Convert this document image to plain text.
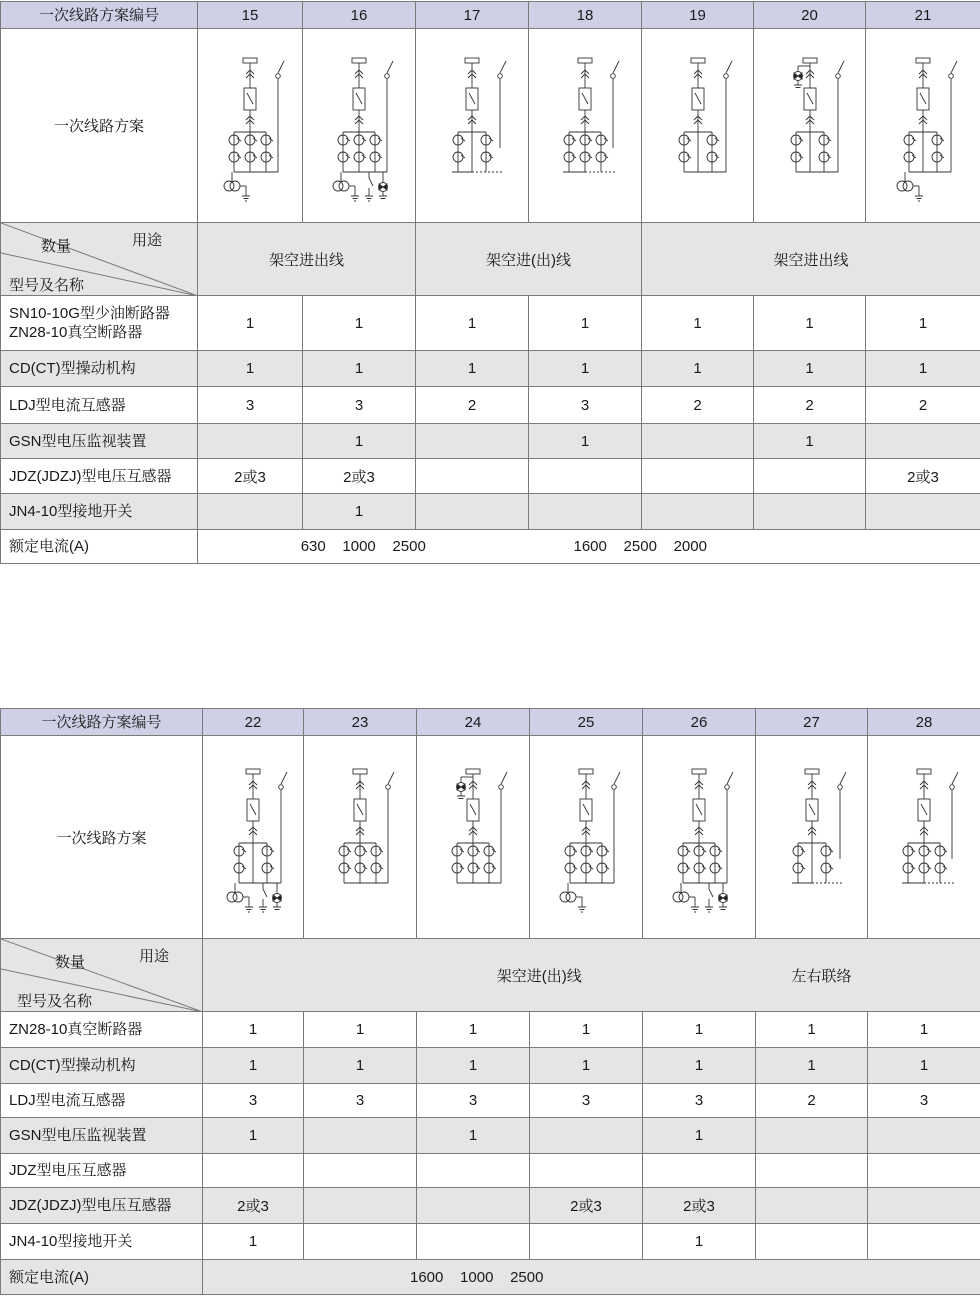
一次线路方案编号	15	16	17	18	19	20	21
一次线路方案	

用途
数量
型号及名称	架空进出线		架空进(出)线		架空进出线		
SN10-10G型少油断路器
ZN28-10真空断路器	1	1	1	1	1	1	1
CD(CT)型操动机构	1	1	1	1	1	1	1
LDJ型电流互感器	3	3	2	3	2	2	2
GSN型电压监视装置		1		1		1	
JDZ(JDZJ)型电压互感器	2或3	2或3					2或3
JN4-10型接地开关		1					
额定电流(A)	630    1000    2500			1600    2500    2000			
一次线路方案编号	22	23	24	25	26	27	28
一次线路方案	

用途
数量
型号及名称	架空进(出)线					左右联络	
ZN28-10真空断路器	1	1	1	1	1	1	1
CD(CT)型操动机构	1	1	1	1	1	1	1
LDJ型电流互感器	3	3	3	3	3	2	3
GSN型电压监视装置	1		1		1		
JDZ型电压互感器							
JDZ(JDZJ)型电压互感器	2或3			2或3	2或3		
JN4-10型接地开关	1				1		
额定电流(A)	1600    1000    2500						
